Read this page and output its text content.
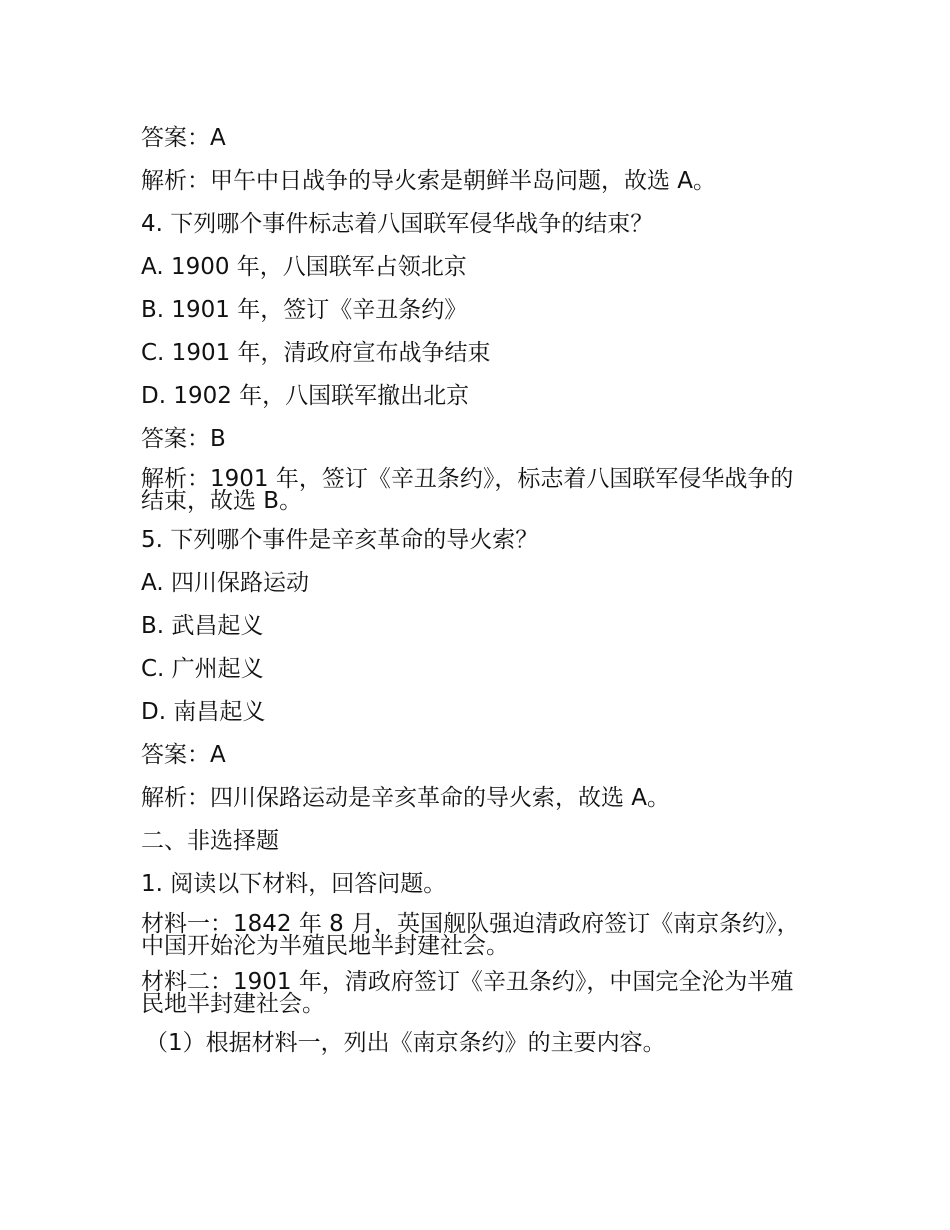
答案：A
解析：甲午中日战争的导火索是朝鲜半岛问题，故选 A。
4. 下列哪个事件标志着八国联军侵华战争的结束？
A. 1900 年，八国联军占领北京
B. 1901 年，签订《辛丑条约》
C. 1901 年，清政府宣布战争结束
D. 1902 年，八国联军撤出北京
答案：B
解析：1901 年，签订《辛丑条约》，标志着八国联军侵华战争的结束，故选 B。
5. 下列哪个事件是辛亥革命的导火索？
A. 四川保路运动
B. 武昌起义
C. 广州起义
D. 南昌起义
答案：A
解析：四川保路运动是辛亥革命的导火索，故选 A。
二、非选择题
1. 阅读以下材料，回答问题。
材料一：1842 年 8 月，英国舰队强迫清政府签订《南京条约》，中国开始沦为半殖民地半封建社会。
材料二：1901 年，清政府签订《辛丑条约》，中国完全沦为半殖民地半封建社会。
（1）根据材料一，列出《南京条约》的主要内容。
